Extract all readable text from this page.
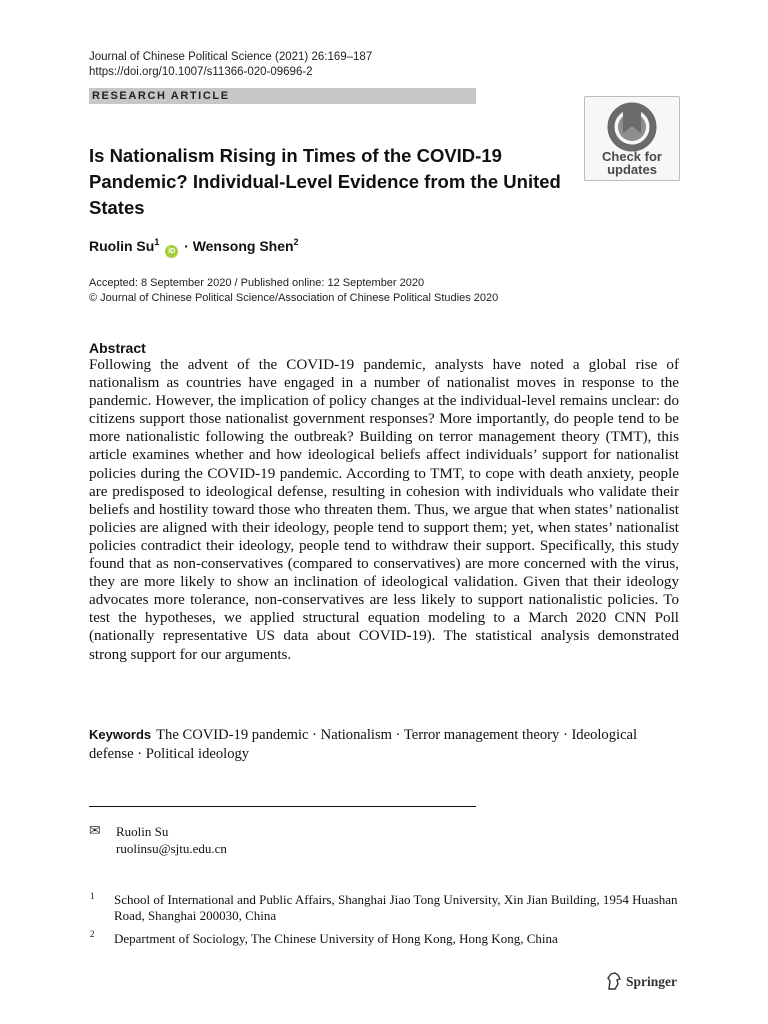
Journal of Chinese Political Science (2021) 26:169–187
https://doi.org/10.1007/s11366-020-09696-2
RESEARCH ARTICLE
Check for
updates
Is Nationalism Rising in Times of the COVID-19 Pandemic? Individual-Level Evidence from the United States
Ruolin Su$^1$ iD · Wensong Shen$^2$
Accepted: 8 September 2020 / Published online: 12 September 2020
© Journal of Chinese Political Science/Association of Chinese Political Studies 2020
Abstract
Following the advent of the COVID-19 pandemic, analysts have noted a global rise of nationalism as countries have engaged in a number of nationalist moves in response to the pandemic. However, the implication of policy changes at the individual-level remains unclear: do citizens support those nationalist government responses? More importantly, do people tend to be more nationalistic following the outbreak? Building on terror management theory (TMT), this article examines whether and how ideological beliefs affect individuals’ support for nationalist policies during the COVID-19 pandemic. According to TMT, to cope with death anxiety, people are predisposed to ideological defense, resulting in cohesion with individuals who validate their beliefs and hostility toward those who threaten them. Thus, we argue that when states’ nationalist policies are aligned with their ideology, people tend to support them; yet, when states’ nationalist policies contradict their ideology, people tend to withdraw their support. Specifically, this study found that as non-conservatives (compared to conservatives) are more concerned with the virus, they are more likely to show an inclination of ideological validation. Given that their ideology advocates more tolerance, non-conservatives are less likely to support nationalistic policies. To test the hypotheses, we applied structural equation modeling to a March 2020 CNN Poll (nationally representative US data about COVID-19). The statistical analysis demonstrated strong support for our arguments.
Keywords The COVID-19 pandemic · Nationalism · Terror management theory · Ideological defense · Political ideology
✉ Ruolin Su
ruolinsu@sjtu.edu.cn
1 School of International and Public Affairs, Shanghai Jiao Tong University, Xin Jian Building, 1954 Huashan Road, Shanghai 200030, China
2 Department of Sociology, The Chinese University of Hong Kong, Hong Kong, China
Springer
